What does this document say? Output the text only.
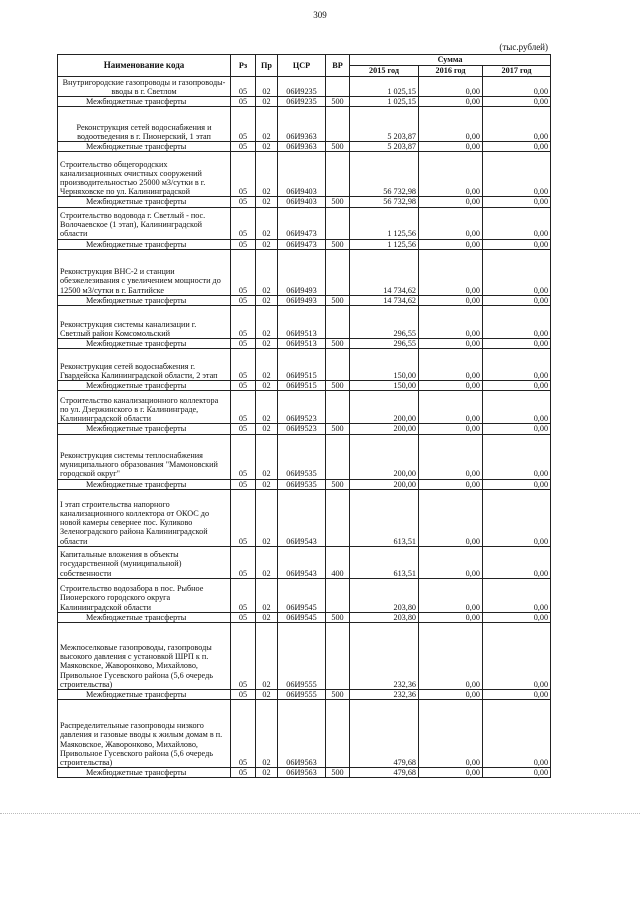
309
(тыс.рублей)
Наименование кода	Рз	Пр	ЦСР	ВР	Сумма		
					2015 год	2016 год	2017 год
Внутригородские газопроводы и газопроводы-вводы в г. Светлом	05	02	06И9235		1 025,15	0,00	0,00
Межбюджетные трансферты	05	02	06И9235	500	1 025,15	0,00	0,00
Реконструкция сетей водоснабжения и водоотведения в г. Пионерский, 1 этап	05	02	06И9363		5 203,87	0,00	0,00
Межбюджетные трансферты	05	02	06И9363	500	5 203,87	0,00	0,00
Строительство общегородских канализационных очистных сооружений производительностью 25000 м3/сутки в г. Черняховске по ул. Калининградской	05	02	06И9403		56 732,98	0,00	0,00
Межбюджетные трансферты	05	02	06И9403	500	56 732,98	0,00	0,00
Строительство водовода г. Светлый - пос. Волочаевское (1 этап), Калининградской области	05	02	06И9473		1 125,56	0,00	0,00
Межбюджетные трансферты	05	02	06И9473	500	1 125,56	0,00	0,00
Реконструкция ВНС-2 и станции обезжелезивания с увеличением мощности до 12500 м3/сутки в г. Балтийске	05	02	06И9493		14 734,62	0,00	0,00
Межбюджетные трансферты	05	02	06И9493	500	14 734,62	0,00	0,00
Реконструкция системы канализации г. Светлый район Комсомольский	05	02	06И9513		296,55	0,00	0,00
Межбюджетные трансферты	05	02	06И9513	500	296,55	0,00	0,00
Реконструкция сетей водоснабжения г. Гвардейска Калининградской области, 2 этап	05	02	06И9515		150,00	0,00	0,00
Межбюджетные трансферты	05	02	06И9515	500	150,00	0,00	0,00
Строительство канализационного коллектора по ул. Дзержинского в г. Калининграде, Калининградской области	05	02	06И9523		200,00	0,00	0,00
Межбюджетные трансферты	05	02	06И9523	500	200,00	0,00	0,00
Реконструкция системы теплоснабжения муниципального образования "Мамоновский городской округ"	05	02	06И9535		200,00	0,00	0,00
Межбюджетные трансферты	05	02	06И9535	500	200,00	0,00	0,00
I этап строительства напорного канализационного коллектора от ОКОС до новой камеры севернее пос. Куликово Зеленоградского района Калининградской области	05	02	06И9543		613,51	0,00	0,00
Капитальные вложения в объекты государственной (муниципальной) собственности	05	02	06И9543	400	613,51	0,00	0,00
Строительство водозабора в пос. Рыбное Пионерского городского округа Калининградской области	05	02	06И9545		203,80	0,00	0,00
Межбюджетные трансферты	05	02	06И9545	500	203,80	0,00	0,00
Межпоселковые газопроводы, газопроводы высокого давления с установкой ШРП к п. Маяковское, Жаворонково, Михайлово, Привольное Гусевского района (5,6 очередь строительства)	05	02	06И9555		232,36	0,00	0,00
Межбюджетные трансферты	05	02	06И9555	500	232,36	0,00	0,00
Распределительные газопроводы низкого давления и газовые вводы к жилым домам в п. Маяковское, Жаворонково, Михайлово, Привольное Гусевского района (5,6 очередь строительства)	05	02	06И9563		479,68	0,00	0,00
Межбюджетные трансферты	05	02	06И9563	500	479,68	0,00	0,00
